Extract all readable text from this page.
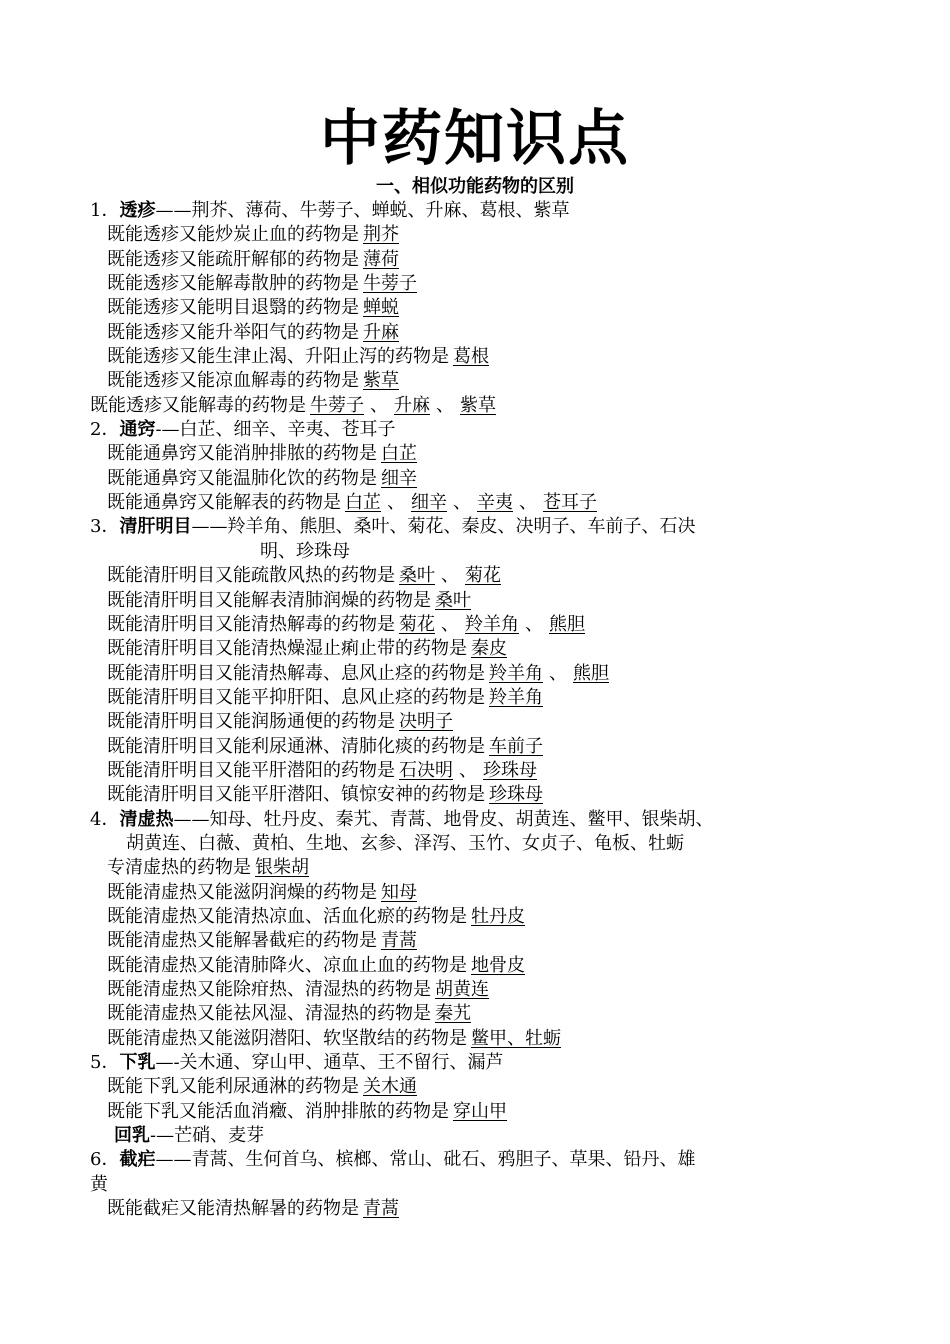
中药知识点
一、相似功能药物的区别
1．透疹——荆芥、薄荷、牛蒡子、蝉蜕、升麻、葛根、紫草
既能透疹又能炒炭止血的药物是 荆芥
既能透疹又能疏肝解郁的药物是 薄荷
既能透疹又能解毒散肿的药物是 牛蒡子
既能透疹又能明目退翳的药物是 蝉蜕
既能透疹又能升举阳气的药物是 升麻
既能透疹又能生津止渴、升阳止泻的药物是 葛根
既能透疹又能凉血解毒的药物是 紫草
既能透疹又能解毒的药物是 牛蒡子 、 升麻 、 紫草
2．通窍-—白芷、细辛、辛夷、苍耳子
既能通鼻窍又能消肿排脓的药物是 白芷
既能通鼻窍又能温肺化饮的药物是 细辛
既能通鼻窍又能解表的药物是 白芷 、 细辛 、 辛夷 、 苍耳子
3．清肝明目——羚羊角、熊胆、桑叶、菊花、秦皮、决明子、车前子、石决
明、珍珠母
既能清肝明目又能疏散风热的药物是 桑叶 、 菊花
既能清肝明目又能解表清肺润燥的药物是 桑叶
既能清肝明目又能清热解毒的药物是 菊花 、 羚羊角 、 熊胆
既能清肝明目又能清热燥湿止痢止带的药物是 秦皮
既能清肝明目又能清热解毒、息风止痉的药物是 羚羊角 、 熊胆
既能清肝明目又能平抑肝阳、息风止痉的药物是 羚羊角
既能清肝明目又能润肠通便的药物是 决明子
既能清肝明目又能利尿通淋、清肺化痰的药物是 车前子
既能清肝明目又能平肝潜阳的药物是 石决明 、 珍珠母
既能清肝明目又能平肝潜阳、镇惊安神的药物是 珍珠母
4．清虚热——知母、牡丹皮、秦艽、青蒿、地骨皮、胡黄连、鳖甲、银柴胡、
胡黄连、白薇、黄柏、生地、玄参、泽泻、玉竹、女贞子、龟板、牡蛎
专清虚热的药物是 银柴胡
既能清虚热又能滋阴润燥的药物是 知母
既能清虚热又能清热凉血、活血化瘀的药物是 牡丹皮
既能清虚热又能解暑截疟的药物是 青蒿
既能清虚热又能清肺降火、凉血止血的药物是 地骨皮
既能清虚热又能除疳热、清湿热的药物是 胡黄连
既能清虚热又能祛风湿、清湿热的药物是 秦艽
既能清虚热又能滋阴潜阳、软坚散结的药物是 鳖甲、牡蛎
5．下乳—-关木通、穿山甲、通草、王不留行、漏芦
既能下乳又能利尿通淋的药物是 关木通
既能下乳又能活血消癥、消肿排脓的药物是 穿山甲
回乳-—芒硝、麦芽
6．截疟——青蒿、生何首乌、槟榔、常山、砒石、鸦胆子、草果、铅丹、雄
黄
既能截疟又能清热解暑的药物是 青蒿
